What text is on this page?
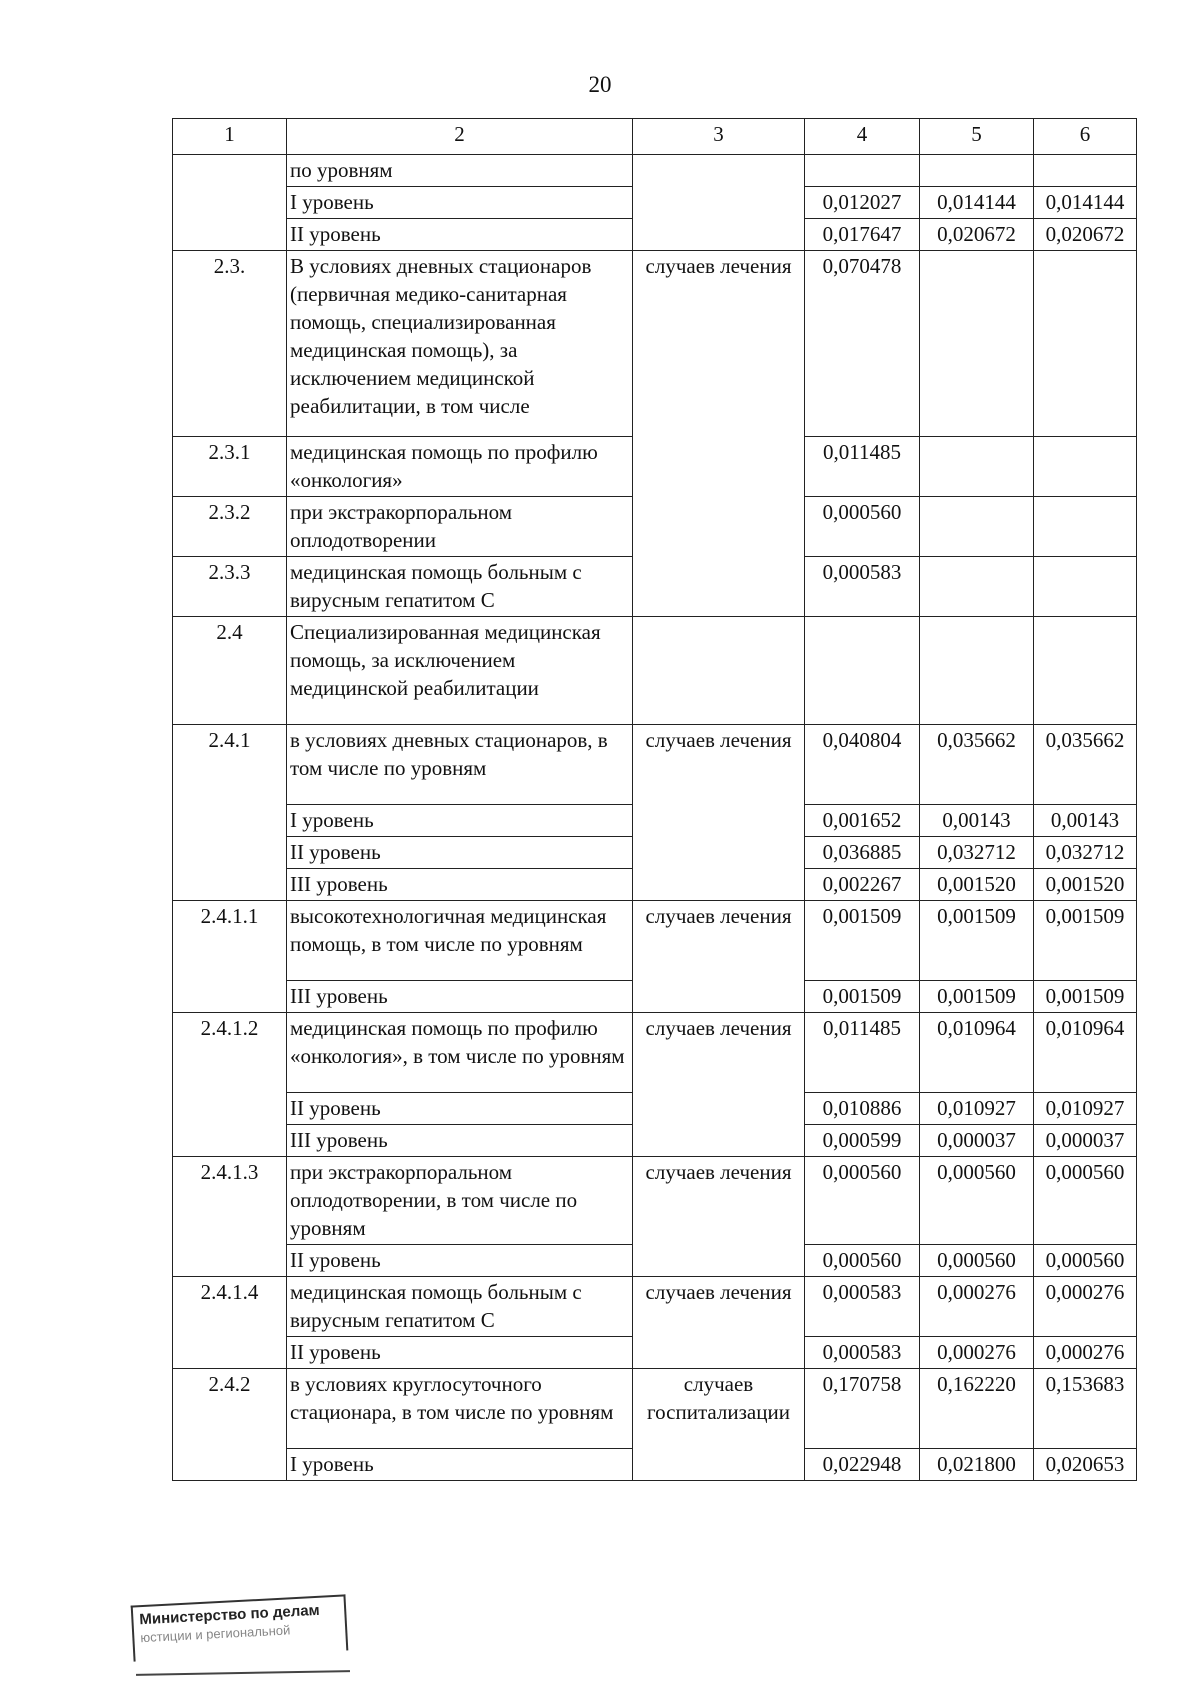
20
1	2	3	4	5	6
	по уровням				
	I уровень		0,012027	0,014144	0,014144
	II уровень		0,017647	0,020672	0,020672
2.3.	В условиях дневных стационаров (первичная медико-санитарная помощь, специализированная медицинская помощь), за исключением медицинской реабилитации, в том числе	случаев лечения	0,070478		
2.3.1	медицинская помощь по профилю «онкология»		0,011485		
2.3.2	при экстракорпоральном оплодотворении		0,000560		
2.3.3	медицинская помощь больным с вирусным гепатитом С		0,000583		
2.4	Специализированная медицинская помощь, за исключением медицинской реабилитации				
2.4.1	в условиях дневных стационаров, в том числе по уровням	случаев лечения	0,040804	0,035662	0,035662
	I уровень		0,001652	0,00143	0,00143
	II уровень		0,036885	0,032712	0,032712
	III уровень		0,002267	0,001520	0,001520
2.4.1.1	высокотехнологичная медицинская помощь, в том числе по уровням	случаев лечения	0,001509	0,001509	0,001509
	III уровень		0,001509	0,001509	0,001509
2.4.1.2	медицинская помощь по профилю «онкология», в том числе по уровням	случаев лечения	0,011485	0,010964	0,010964
	II уровень		0,010886	0,010927	0,010927
	III уровень		0,000599	0,000037	0,000037
2.4.1.3	при экстракорпоральном оплодотворении, в том числе по уровням	случаев лечения	0,000560	0,000560	0,000560
	II уровень		0,000560	0,000560	0,000560
2.4.1.4	медицинская помощь больным с вирусным гепатитом С	случаев лечения	0,000583	0,000276	0,000276
	II уровень		0,000583	0,000276	0,000276
2.4.2	в условиях круглосуточного стационара, в том числе по уровням	случаев госпитализации	0,170758	0,162220	0,153683
	I уровень		0,022948	0,021800	0,020653
Министерство по делам
юстиции и региональной
